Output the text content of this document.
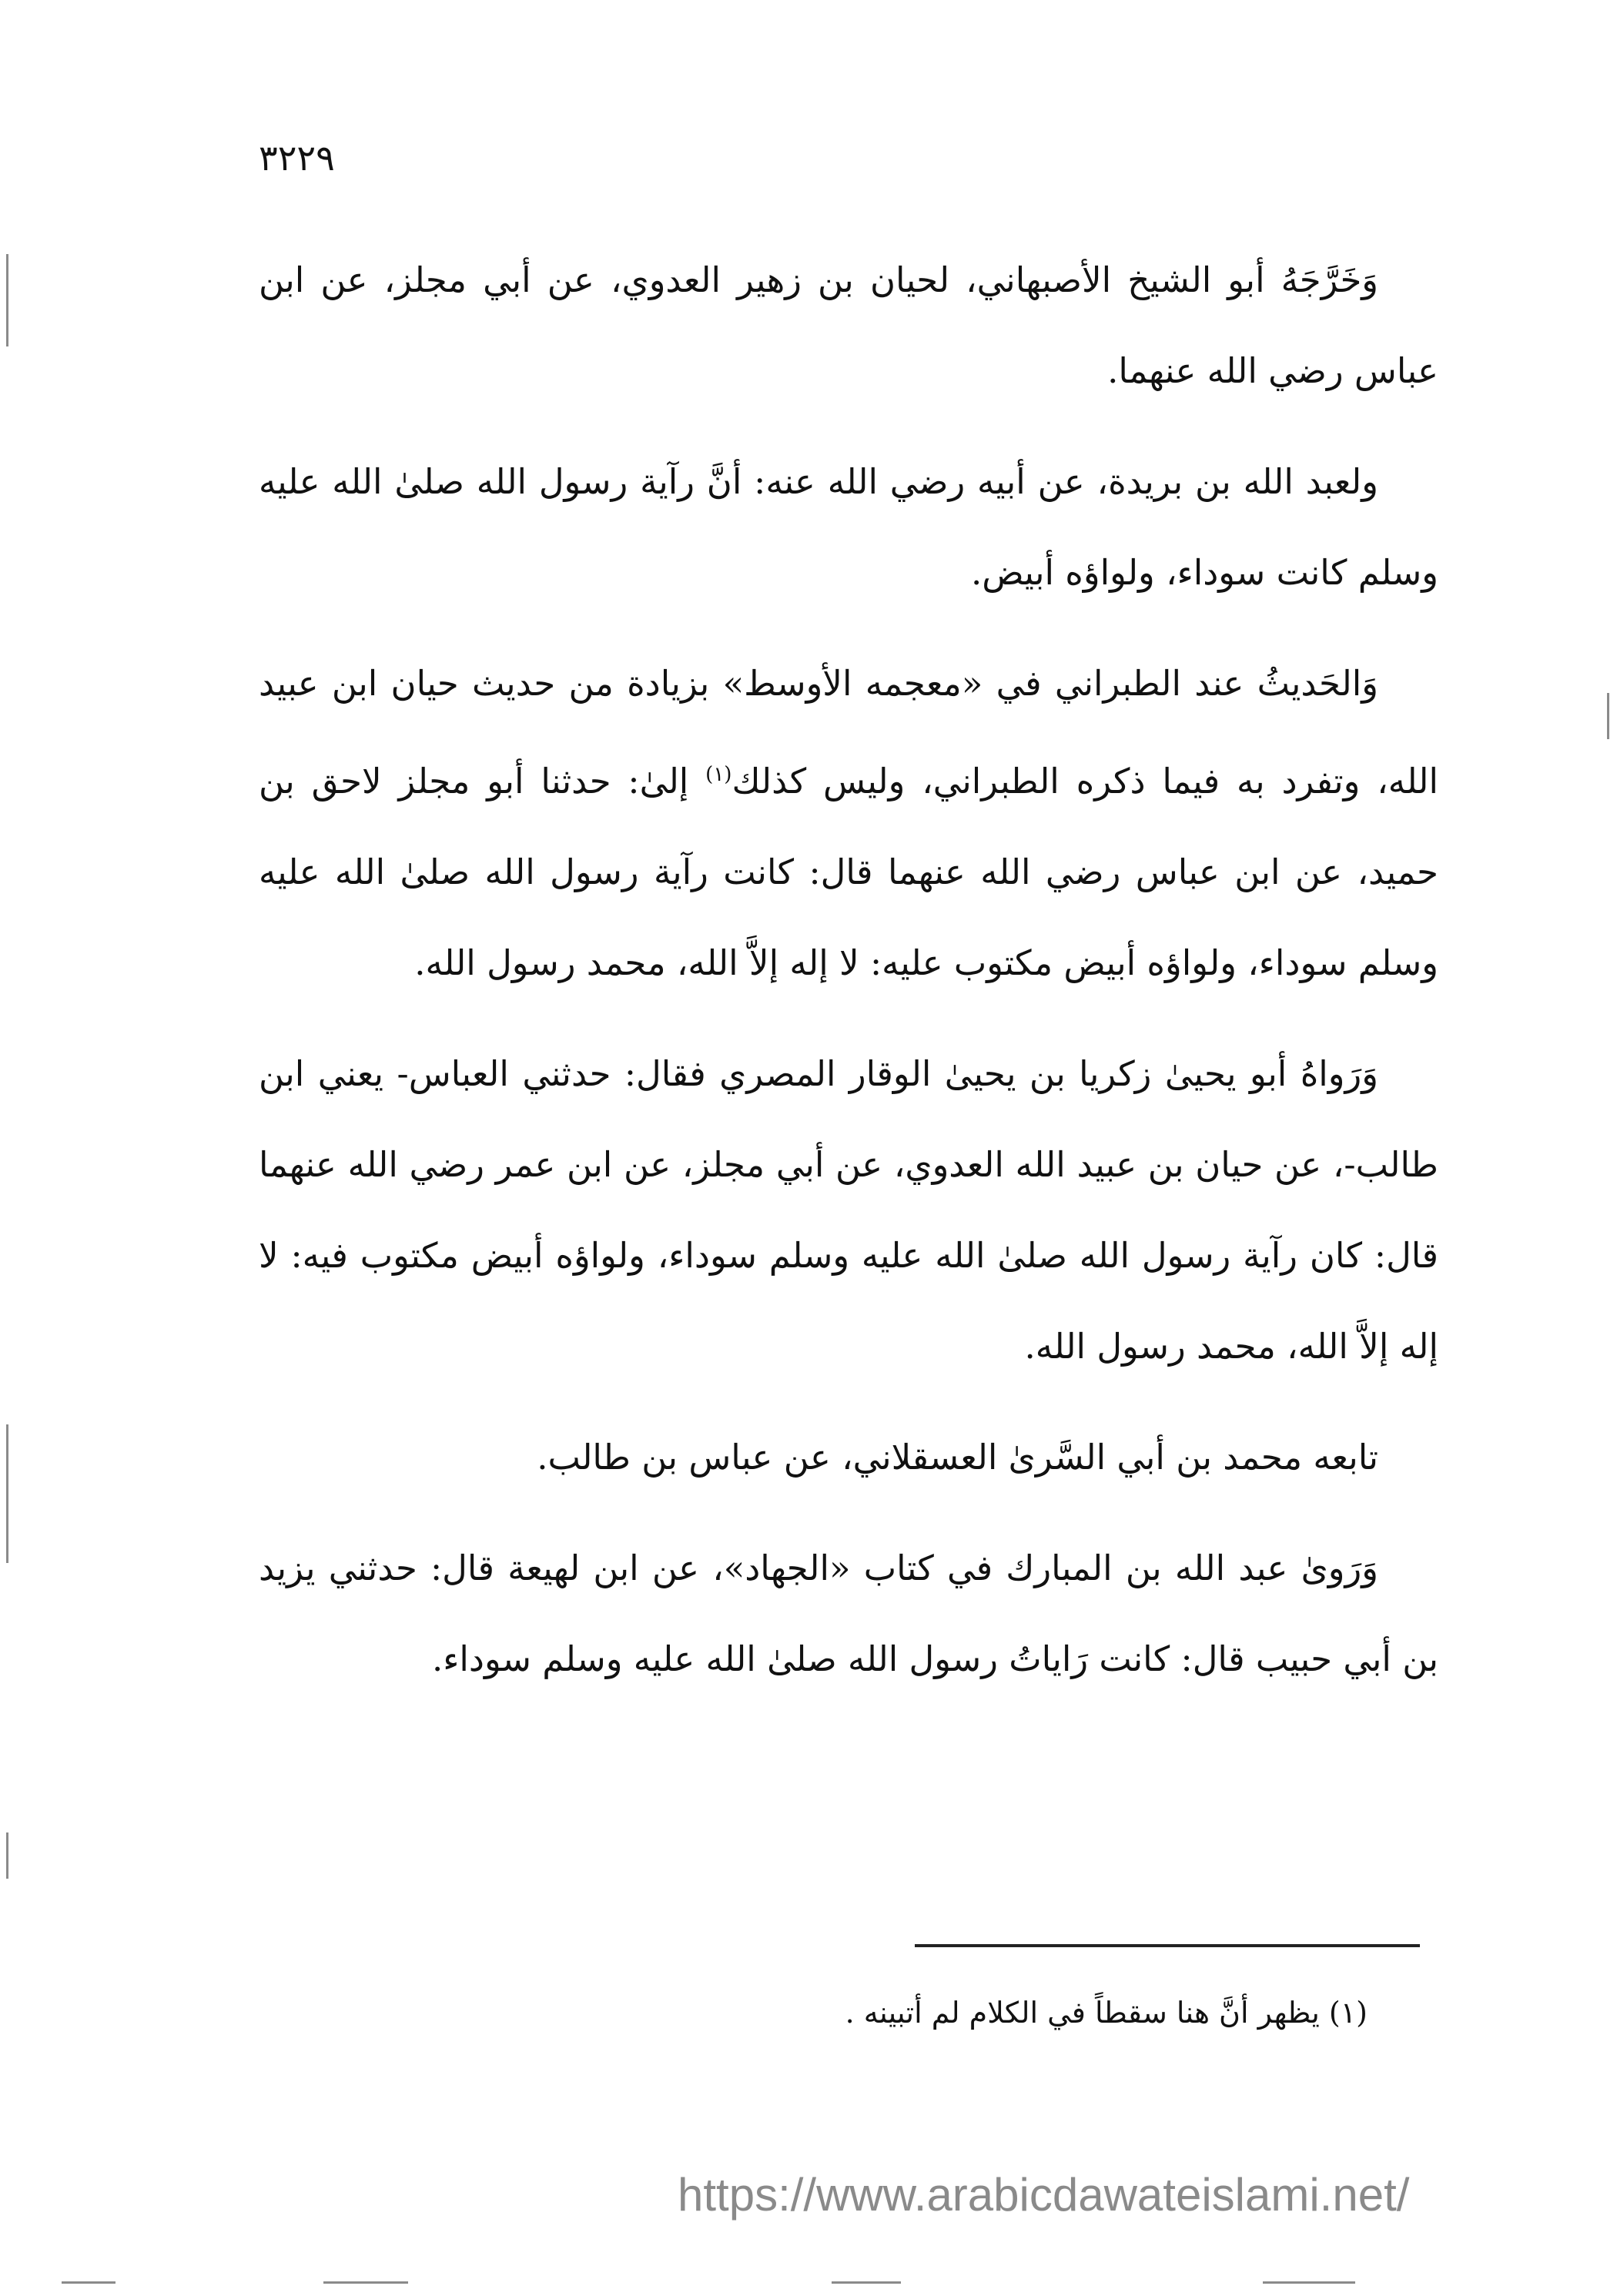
٣٢٢٩

وَخَرَّجَهُ أبو الشيخ الأصبهاني، لحيان بن زهير العدوي، عن أبي مجلز، عن ابن عباس رضي الله عنهما.

ولعبد الله بن بريدة، عن أبيه رضي الله عنه: أنَّ رآية رسول الله صلىٰ الله عليه وسلم كانت سوداء، ولواؤه أبيض.

وَالحَديثُ عند الطبراني في «معجمه الأوسط» بزيادة من حديث حيان ابن عبيد الله، وتفرد به فيما ذكره الطبراني، وليس كذلك$^{(١)}$ إلىٰ: حدثنا أبو مجلز لاحق بن حميد، عن ابن عباس رضي الله عنهما قال: كانت رآية رسول الله صلىٰ الله عليه وسلم سوداء، ولواؤه أبيض مكتوب عليه: لا إله إلاَّ الله، محمد رسول الله.

وَرَواهُ أبو يحيىٰ زكريا بن يحيىٰ الوقار المصري فقال: حدثني العباس- يعني ابن طالب-، عن حيان بن عبيد الله العدوي، عن أبي مجلز، عن ابن عمر رضي الله عنهما قال: كان رآية رسول الله صلىٰ الله عليه وسلم سوداء، ولواؤه أبيض مكتوب فيه: لا إله إلاَّ الله، محمد رسول الله.

تابعه محمد بن أبي السَّرىٰ العسقلاني، عن عباس بن طالب.

وَرَوىٰ عبد الله بن المبارك في كتاب «الجهاد»، عن ابن لهيعة قال: حدثني يزيد بن أبي حبيب قال: كانت رَاياتُ رسول الله صلىٰ الله عليه وسلم سوداء.

(١) يظهر أنَّ هنا سقطاً في الكلام لم أتبينه .
https://www.arabicdawateislami.net/
